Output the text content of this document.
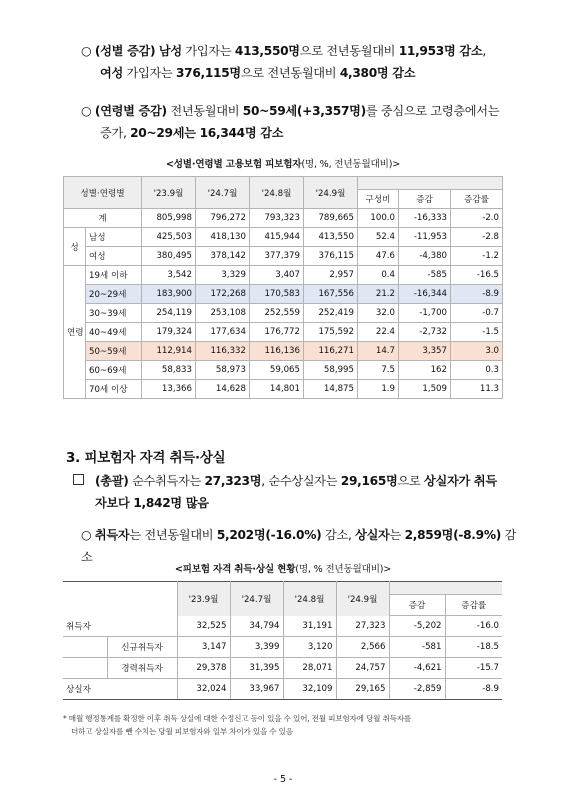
○ (성별 증감) 남성 가입자는 413,550명으로 전년동월대비 11,953명 감소,
여성 가입자는 376,115명으로 전년동월대비 4,380명 감소
○ (연령별 증감) 전년동월대비 50~59세(+3,357명)를 중심으로 고령층에서는
증가, 20~29세는 16,344명 감소
<성별·연령별 고용보험 피보험자(명, %, 전년동월대비)>
성별·연령별		'23.9월	'24.7월	'24.8월	'24.9월			
						구성비	증감	증감률
계		805,998	796,272	793,323	789,665	100.0	-16,333	-2.0
성	남성	425,503	418,130	415,944	413,550	52.4	-11,953	-2.8
	여성	380,495	378,142	377,379	376,115	47.6	-4,380	-1.2
연령	19세 이하	3,542	3,329	3,407	2,957	0.4	-585	-16.5
	20~29세	183,900	172,268	170,583	167,556	21.2	-16,344	-8.9
	30~39세	254,119	253,108	252,559	252,419	32.0	-1,700	-0.7
	40~49세	179,324	177,634	176,772	175,592	22.4	-2,732	-1.5
	50~59세	112,914	116,332	116,136	116,271	14.7	3,357	3.0
	60~69세	58,833	58,973	59,065	58,995	7.5	162	0.3
	70세 이상	13,366	14,628	14,801	14,875	1.9	1,509	11.3
3. 피보험자 자격 취득·상실
(총괄) 순수취득자는 27,323명, 순수상실자는 29,165명으로 상실자가 취득
자보다 1,842명 많음
○ 취득자는 전년동월대비 5,202명(-16.0%) 감소, 상실자는 2,859명(-8.9%) 감소
<피보험 자격 취득·상실 현황(명, % 전년동월대비)>
		'23.9월	'24.7월	'24.8월	'24.9월		
						증감	증감률
취득자		32,525	34,794	31,191	27,323	-5,202	-16.0
	신규취득자	3,147	3,399	3,120	2,566	-581	-18.5
	경력취득자	29,378	31,395	28,071	24,757	-4,621	-15.7
상실자		32,024	33,967	32,109	29,165	-2,859	-8.9
* 매월 행정통계를 확정한 이후 취득 상실에 대한 수정신고 등이 있을 수 있어, 전월 피보험자에 당월 취득자를
더하고 상실자를 뺀 수치는 당월 피보험자와 일부 차이가 있을 수 있음
- 5 -
